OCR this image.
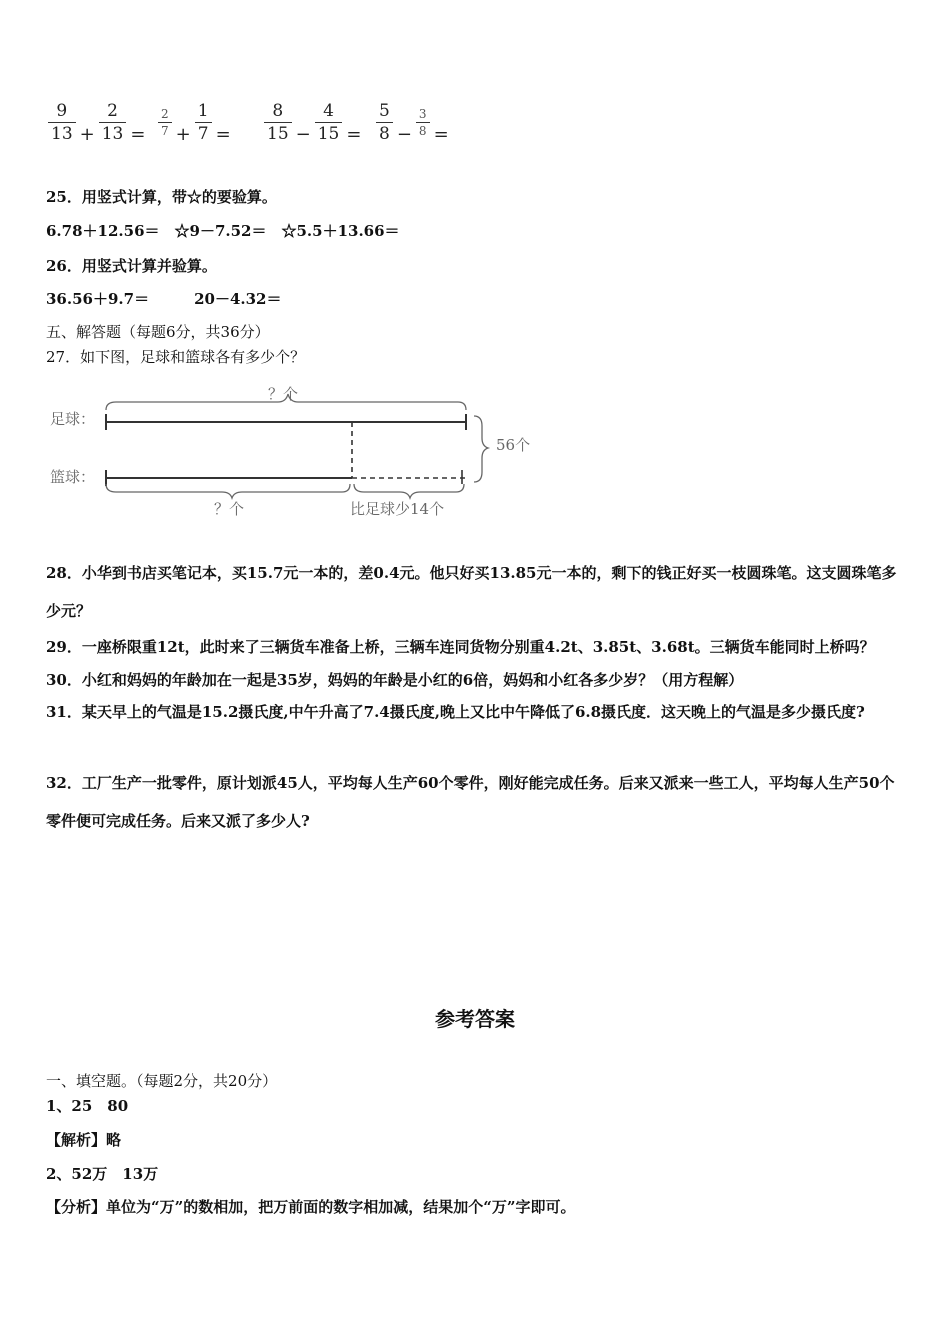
$\frac{9}{13} + \frac{2}{13} = \frac{2}{7} + \frac{1}{7} = \frac{8}{15} - \frac{4}{15} = \frac{5}{8} - \frac{3}{8}$ =
25．用竖式计算，带☆的要验算。
6.78＋12.56＝　☆9－7.52＝　☆5.5＋13.66＝
26．用竖式计算并验算。
36.56＋9.7＝　　　20－4.32＝
五、解答题（每题6分，共36分）
27．如下图，足球和篮球各有多少个？
足球：
篮球：
？个
？个
56个
比足球少14个
28．小华到书店买笔记本，买15.7元一本的，差0.4元。他只好买13.85元一本的，剩下的钱正好买一枝圆珠笔。这支圆珠笔多少元？
29．一座桥限重12t，此时来了三辆货车准备上桥，三辆车连同货物分别重4.2t、3.85t、3.68t。三辆货车能同时上桥吗？
30．小红和妈妈的年龄加在一起是35岁，妈妈的年龄是小红的6倍，妈妈和小红各多少岁？（用方程解）
31．某天早上的气温是15.2摄氏度,中午升高了7.4摄氏度,晚上又比中午降低了6.8摄氏度．这天晚上的气温是多少摄氏度?
32．工厂生产一批零件，原计划派45人，平均每人生产60个零件，刚好能完成任务。后来又派来一些工人，平均每人生产50个零件便可完成任务。后来又派了多少人?
参考答案
一、填空题。（每题2分，共20分）
1、25　80
【解析】略
2、52万　13万
【分析】单位为“万”的数相加，把万前面的数字相加减，结果加个“万”字即可。
